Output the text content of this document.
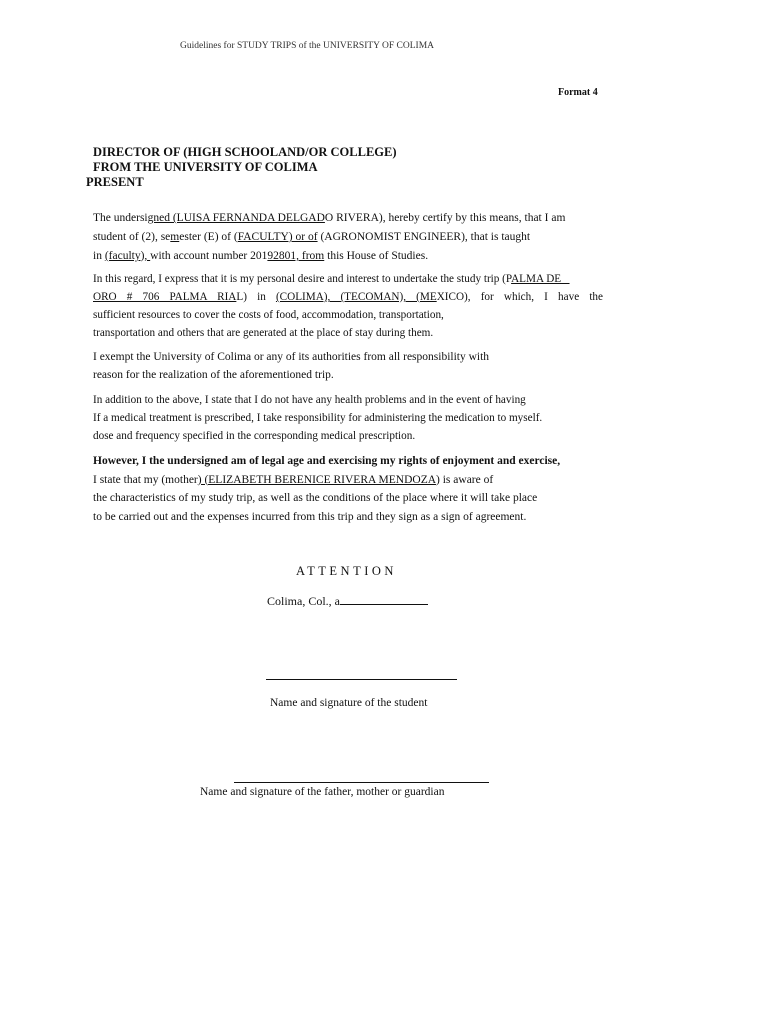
Guidelines for STUDY TRIPS of the UNIVERSITY OF COLIMA
Format 4
DIRECTOR OF (HIGH SCHOOLAND/OR COLLEGE)
FROM THE UNIVERSITY OF COLIMA
PRESENT
The undersigned (LUISA FERNANDA DELGADO RIVERA), hereby certify by this means, that I am
student of (2), semester (E) of (FACULTY) or of (AGRONOMIST ENGINEER), that is taught
in (faculty), with account number 20192801, from this House of Studies.
In this regard, I express that it is my personal desire and interest to undertake the study trip (PALMA DE
ORO # 706 PALMA RIAL) in (COLIMA), (TECOMAN), (MEXICO), for which, I have the
sufficient resources to cover the costs of food, accommodation, transportation,
transportation and others that are generated at the place of stay during them.
I exempt the University of Colima or any of its authorities from all responsibility with
reason for the realization of the aforementioned trip.
In addition to the above, I state that I do not have any health problems and in the event of having
If a medical treatment is prescribed, I take responsibility for administering the medication to myself.
dose and frequency specified in the corresponding medical prescription.
However, I the undersigned am of legal age and exercising my rights of enjoyment and exercise,
I state that my (mother) (ELIZABETH BERENICE RIVERA MENDOZA) is aware of
the characteristics of my study trip, as well as the conditions of the place where it will take place
to be carried out and the expenses incurred from this trip and they sign as a sign of agreement.
ATTENTION
Colima, Col., a
Name and signature of the student
Name and signature of the father, mother or guardian
